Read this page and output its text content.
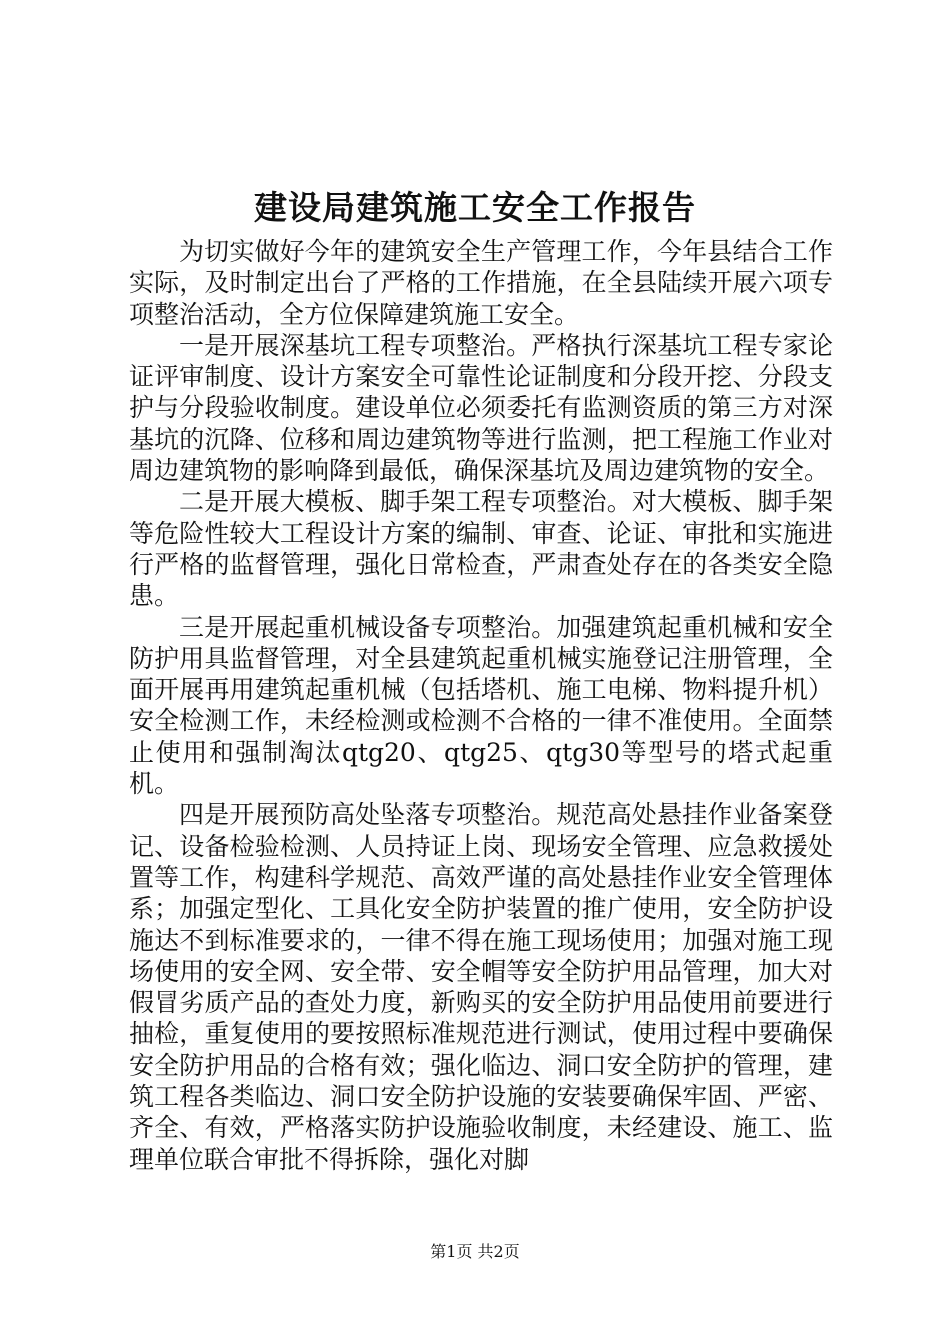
建设局建筑施工安全工作报告

为切实做好今年的建筑安全生产管理工作，今年县结合工作实际，及时制定出台了严格的工作措施，在全县陆续开展六项专项整治活动，全方位保障建筑施工安全。

一是开展深基坑工程专项整治。严格执行深基坑工程专家论证评审制度、设计方案安全可靠性论证制度和分段开挖、分段支护与分段验收制度。建设单位必须委托有监测资质的第三方对深基坑的沉降、位移和周边建筑物等进行监测，把工程施工作业对周边建筑物的影响降到最低，确保深基坑及周边建筑物的安全。

二是开展大模板、脚手架工程专项整治。对大模板、脚手架等危险性较大工程设计方案的编制、审查、论证、审批和实施进行严格的监督管理，强化日常检查，严肃查处存在的各类安全隐患。

三是开展起重机械设备专项整治。加强建筑起重机械和安全防护用具监督管理，对全县建筑起重机械实施登记注册管理，全面开展再用建筑起重机械（包括塔机、施工电梯、物料提升机）安全检测工作，未经检测或检测不合格的一律不准使用。全面禁止使用和强制淘汰qtg20、qtg25、qtg30等型号的塔式起重机。

四是开展预防高处坠落专项整治。规范高处悬挂作业备案登记、设备检验检测、人员持证上岗、现场安全管理、应急救援处置等工作，构建科学规范、高效严谨的高处悬挂作业安全管理体系；加强定型化、工具化安全防护装置的推广使用，安全防护设施达不到标准要求的，一律不得在施工现场使用；加强对施工现场使用的安全网、安全带、安全帽等安全防护用品管理，加大对假冒劣质产品的查处力度，新购买的安全防护用品使用前要进行抽检，重复使用的要按照标准规范进行测试，使用过程中要确保安全防护用品的合格有效；强化临边、洞口安全防护的管理，建筑工程各类临边、洞口安全防护设施的安装要确保牢固、严密、齐全、有效，严格落实防护设施验收制度，未经建设、施工、监理单位联合审批不得拆除，强化对脚

第1页 共2页
